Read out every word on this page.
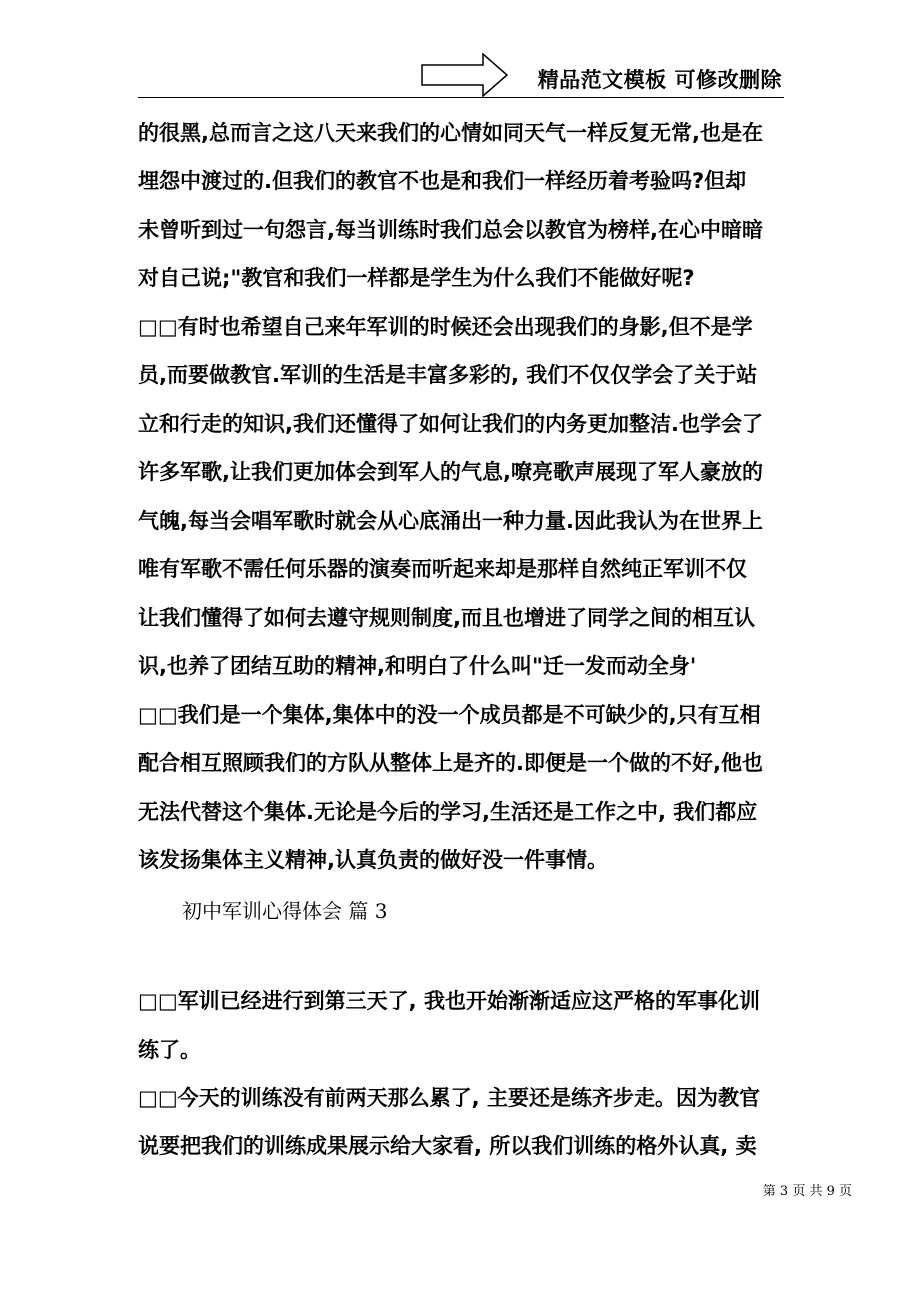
精品范文模板 可修改删除
的很黑,总而言之这八天来我们的心情如同天气一样反复无常,也是在
埋怨中渡过的.但我们的教官不也是和我们一样经历着考验吗?但却
未曾听到过一句怨言,每当训练时我们总会以教官为榜样,在心中暗暗
对自己说;"教官和我们一样都是学生为什么我们不能做好呢?
□□有时也希望自己来年军训的时候还会出现我们的身影,但不是学
员,而要做教官.军训的生活是丰富多彩的, 我们不仅仅学会了关于站
立和行走的知识,我们还懂得了如何让我们的内务更加整洁.也学会了
许多军歌,让我们更加体会到军人的气息,嘹亮歌声展现了军人豪放的
气魄,每当会唱军歌时就会从心底涌出一种力量.因此我认为在世界上
唯有军歌不需任何乐器的演奏而听起来却是那样自然纯正军训不仅
让我们懂得了如何去遵守规则制度,而且也增进了同学之间的相互认
识,也养了团结互助的精神,和明白了什么叫"迁一发而动全身'
□□我们是一个集体,集体中的没一个成员都是不可缺少的,只有互相
配合相互照顾我们的方队从整体上是齐的.即便是一个做的不好,他也
无法代替这个集体.无论是今后的学习,生活还是工作之中, 我们都应
该发扬集体主义精神,认真负责的做好没一件事情。
□□军训已经进行到第三天了, 我也开始渐渐适应这严格的军事化训
练了。
□□今天的训练没有前两天那么累了, 主要还是练齐步走。因为教官
说要把我们的训练成果展示给大家看, 所以我们训练的格外认真, 卖
初中军训心得体会 篇 3
第 3 页 共 9 页
